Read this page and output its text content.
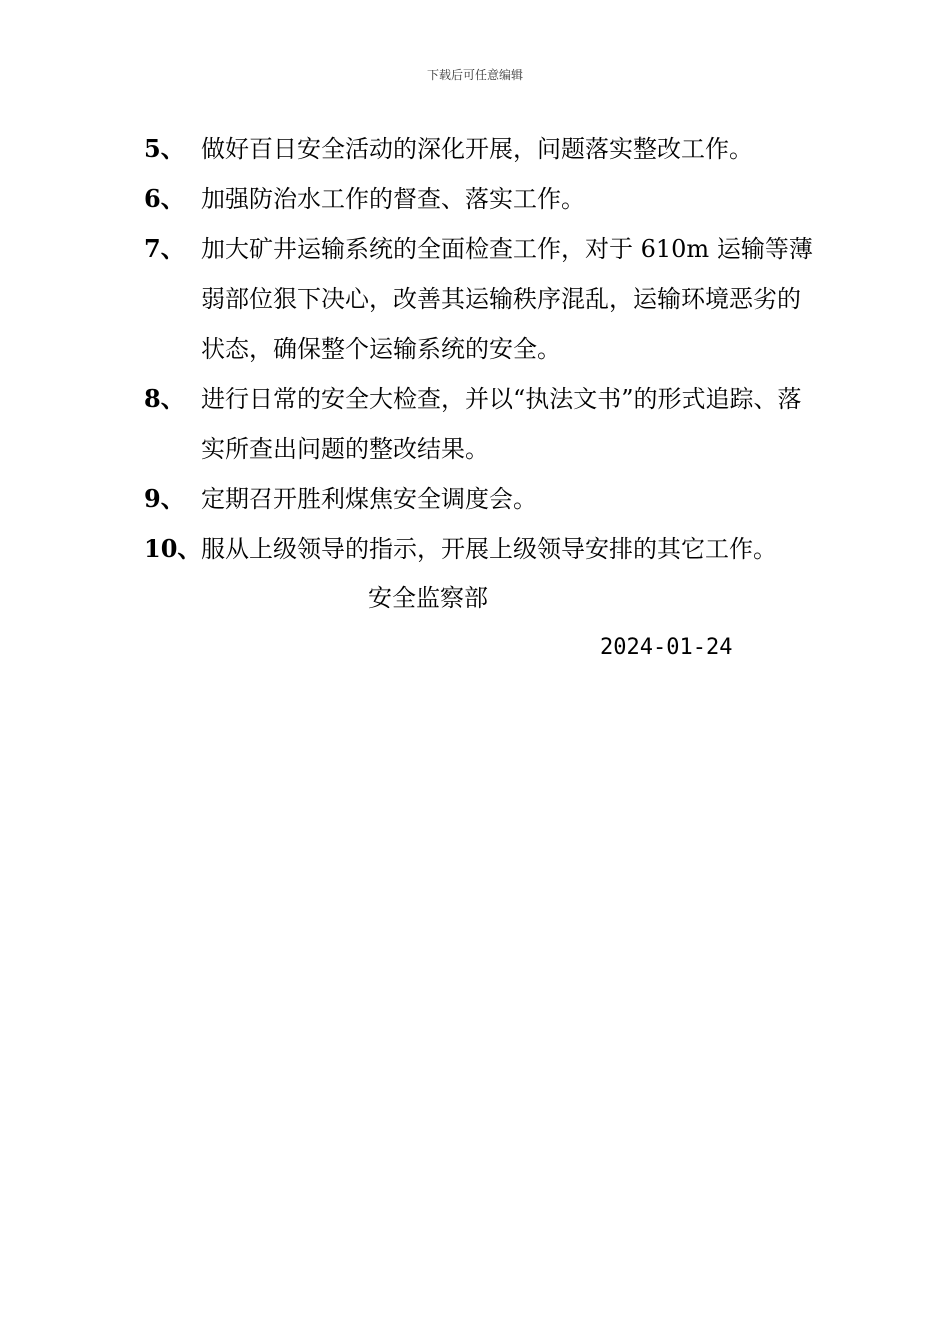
下载后可任意编辑
5、 做好百日安全活动的深化开展，问题落实整改工作。
6、 加强防治水工作的督查、落实工作。
7、 加大矿井运输系统的全面检查工作，对于 610m 运输等薄弱部位狠下决心，改善其运输秩序混乱，运输环境恶劣的状态，确保整个运输系统的安全。
8、 进行日常的安全大检查，并以“执法文书”的形式追踪、落实所查出问题的整改结果。
9、 定期召开胜利煤焦安全调度会。
10、 服从上级领导的指示，开展上级领导安排的其它工作。
安全监察部
2024-01-24
